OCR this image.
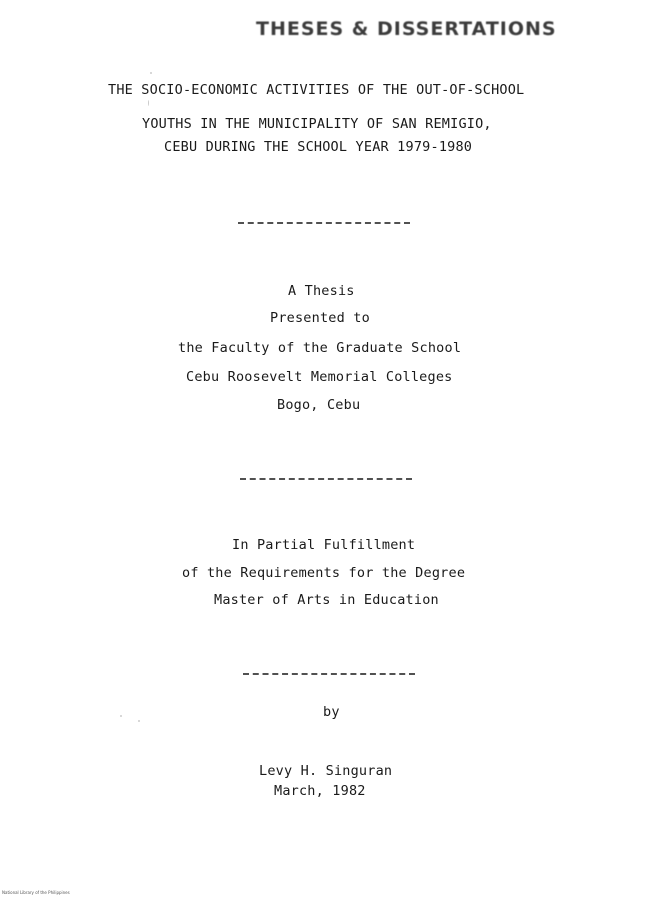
THESES & DISSERTATIONS
THE SOCIO-ECONOMIC ACTIVITIES OF THE OUT-OF-SCHOOL
YOUTHS IN THE MUNICIPALITY OF SAN REMIGIO,
CEBU DURING THE SCHOOL YEAR 1979-1980
A Thesis
Presented to
the Faculty of the Graduate School
Cebu Roosevelt Memorial Colleges
Bogo, Cebu
In Partial Fulfillment
of the Requirements for the Degree
Master of Arts in Education
by
Levy H. Singuran
March, 1982
National Library of the Philippines
